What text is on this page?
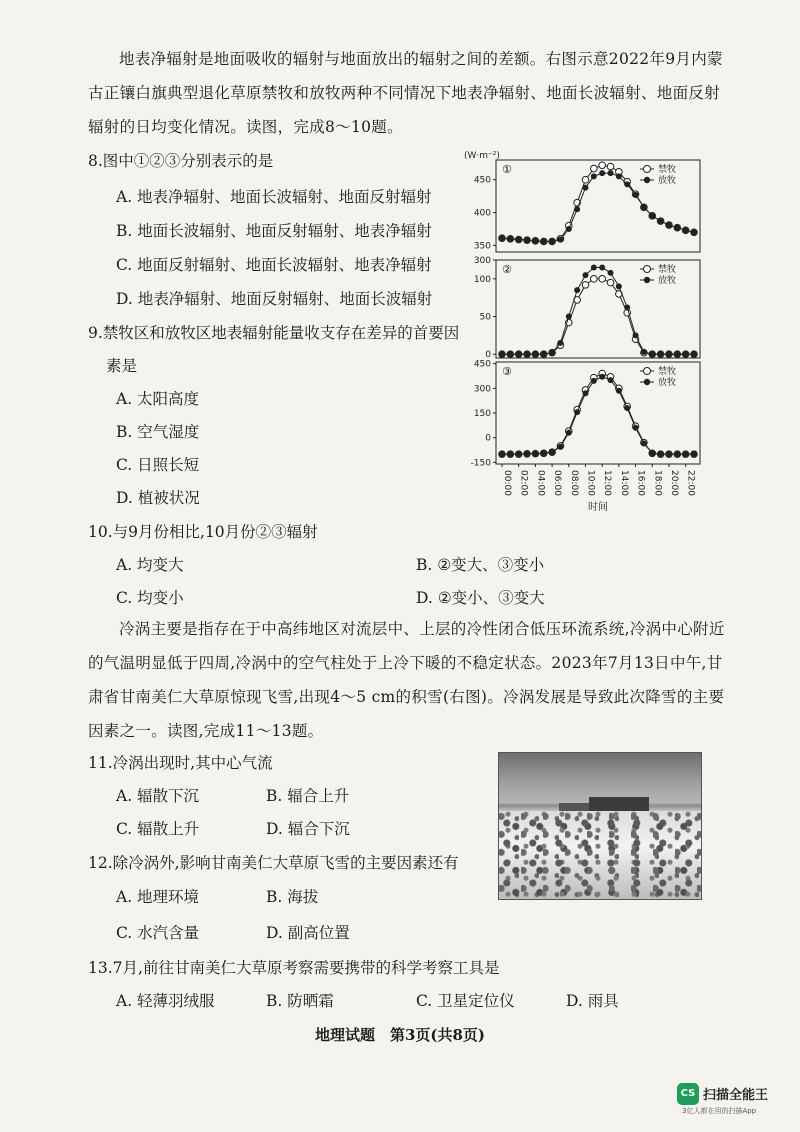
地表净辐射是地面吸收的辐射与地面放出的辐射之间的差额。右图示意2022年9月内蒙古正镶白旗典型退化草原禁牧和放牧两种不同情况下地表净辐射、地面长波辐射、地面反射辐射的日均变化情况。读图，完成8～10题。
8.图中①②③分别表示的是
A. 地表净辐射、地面长波辐射、地面反射辐射
B. 地面长波辐射、地面反射辐射、地表净辐射
C. 地面反射辐射、地面长波辐射、地表净辐射
D. 地表净辐射、地面反射辐射、地面长波辐射
9.禁牧区和放牧区地表辐射能量收支存在差异的首要因
素是
A. 太阳高度
B. 空气湿度
C. 日照长短
D. 植被状况
(W·m⁻²)
①
450
400
350
禁牧
放牧
②
300
100
50
0
禁牧
放牧
③
450
300
150
0
-150
禁牧
放牧
00:00 02:00 04:00 06:00 08:00 10:00 12:00 14:00 16:00 18:00 20:00 22:00
时间
10.与9月份相比,10月份②③辐射
A. 均变大	B. ②变大、③变小
C. 均变小	D. ②变小、③变大
冷涡主要是指存在于中高纬地区对流层中、上层的冷性闭合低压环流系统,冷涡中心附近的气温明显低于四周,冷涡中的空气柱处于上冷下暖的不稳定状态。2023年7月13日中午,甘肃省甘南美仁大草原惊现飞雪,出现4～5 cm的积雪(右图)。冷涡发展是导致此次降雪的主要因素之一。读图,完成11～13题。
11.冷涡出现时,其中心气流
A. 辐散下沉	B. 辐合上升
C. 辐散上升	D. 辐合下沉
12.除冷涡外,影响甘南美仁大草原飞雪的主要因素还有
A. 地理环境	B. 海拔
C. 水汽含量	D. 副高位置
13.7月,前往甘南美仁大草原考察需要携带的科学考察工具是
A. 轻薄羽绒服	B. 防晒霜	C. 卫星定位仪	D. 雨具
地理试题　第3页(共8页)
CS 扫描全能王
3亿人都在用的扫描App
